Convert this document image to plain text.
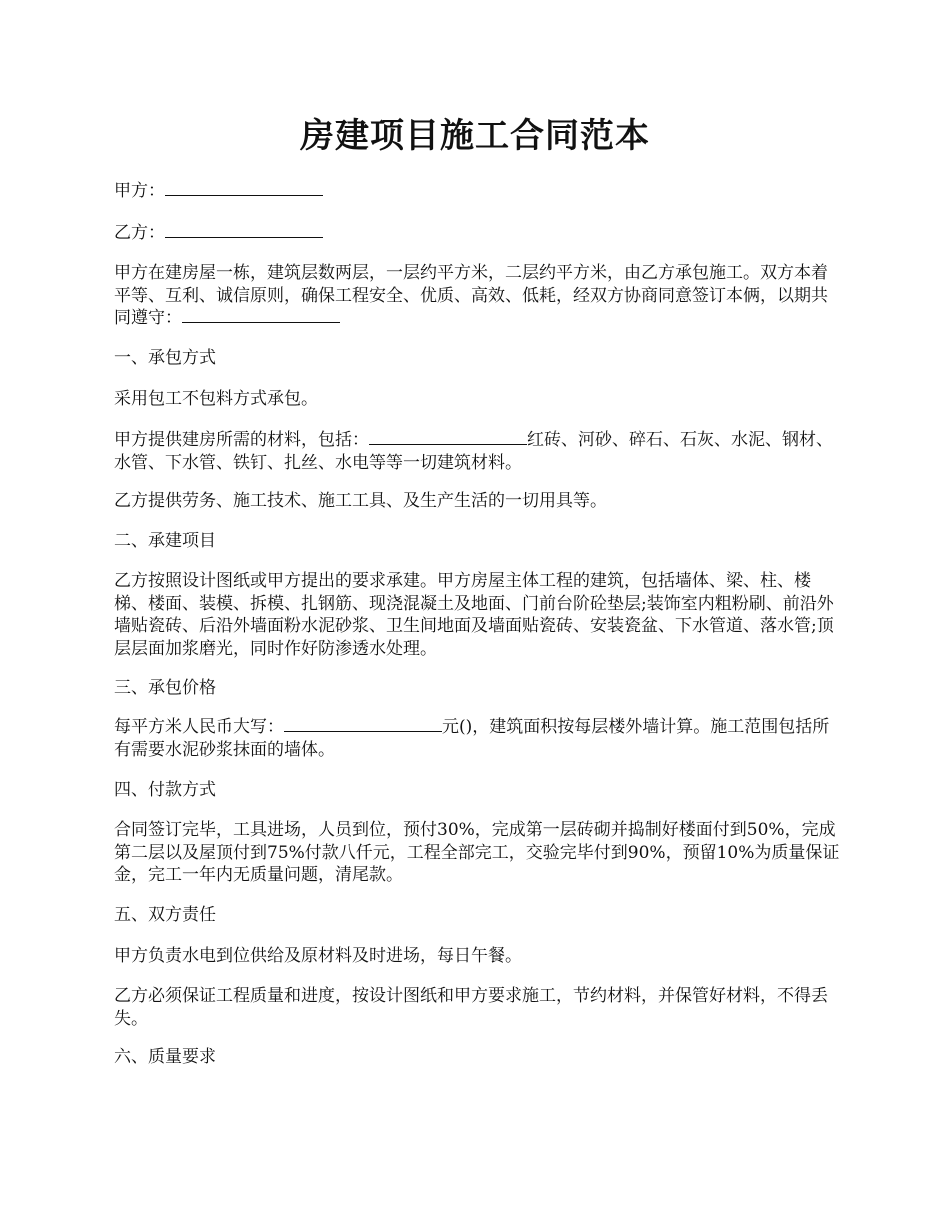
房建项目施工合同范本

甲方：

乙方：

甲方在建房屋一栋，建筑层数两层，一层约平方米，二层约平方米，由乙方承包施工。双方本着平等、互利、诚信原则，确保工程安全、优质、高效、低耗，经双方协商同意签订本俩，以期共同遵守：

一、承包方式

采用包工不包料方式承包。

甲方提供建房所需的材料，包括：	红砖、河砂、碎石、石灰、水泥、钢材、水管、下水管、铁钉、扎丝、水电等等一切建筑材料。

乙方提供劳务、施工技术、施工工具、及生产生活的一切用具等。

二、承建项目

乙方按照设计图纸或甲方提出的要求承建。甲方房屋主体工程的建筑，包括墙体、梁、柱、楼梯、楼面、装模、拆模、扎钢筋、现浇混凝土及地面、门前台阶砼垫层;装饰室内粗粉刷、前沿外墙贴瓷砖、后沿外墙面粉水泥砂浆、卫生间地面及墙面贴瓷砖、安装瓷盆、下水管道、落水管;顶层层面加浆磨光，同时作好防渗透水处理。

三、承包价格

每平方米人民币大写：	元()，建筑面积按每层楼外墙计算。施工范围包括所有需要水泥砂浆抹面的墙体。

四、付款方式

合同签订完毕，工具进场，人员到位，预付30%，完成第一层砖砌并捣制好楼面付到50%，完成第二层以及屋顶付到75%付款八仟元，工程全部完工，交验完毕付到90%，预留10%为质量保证金，完工一年内无质量问题，清尾款。

五、双方责任

甲方负责水电到位供给及原材料及时进场，每日午餐。

乙方必须保证工程质量和进度，按设计图纸和甲方要求施工，节约材料，并保管好材料，不得丢失。

六、质量要求
